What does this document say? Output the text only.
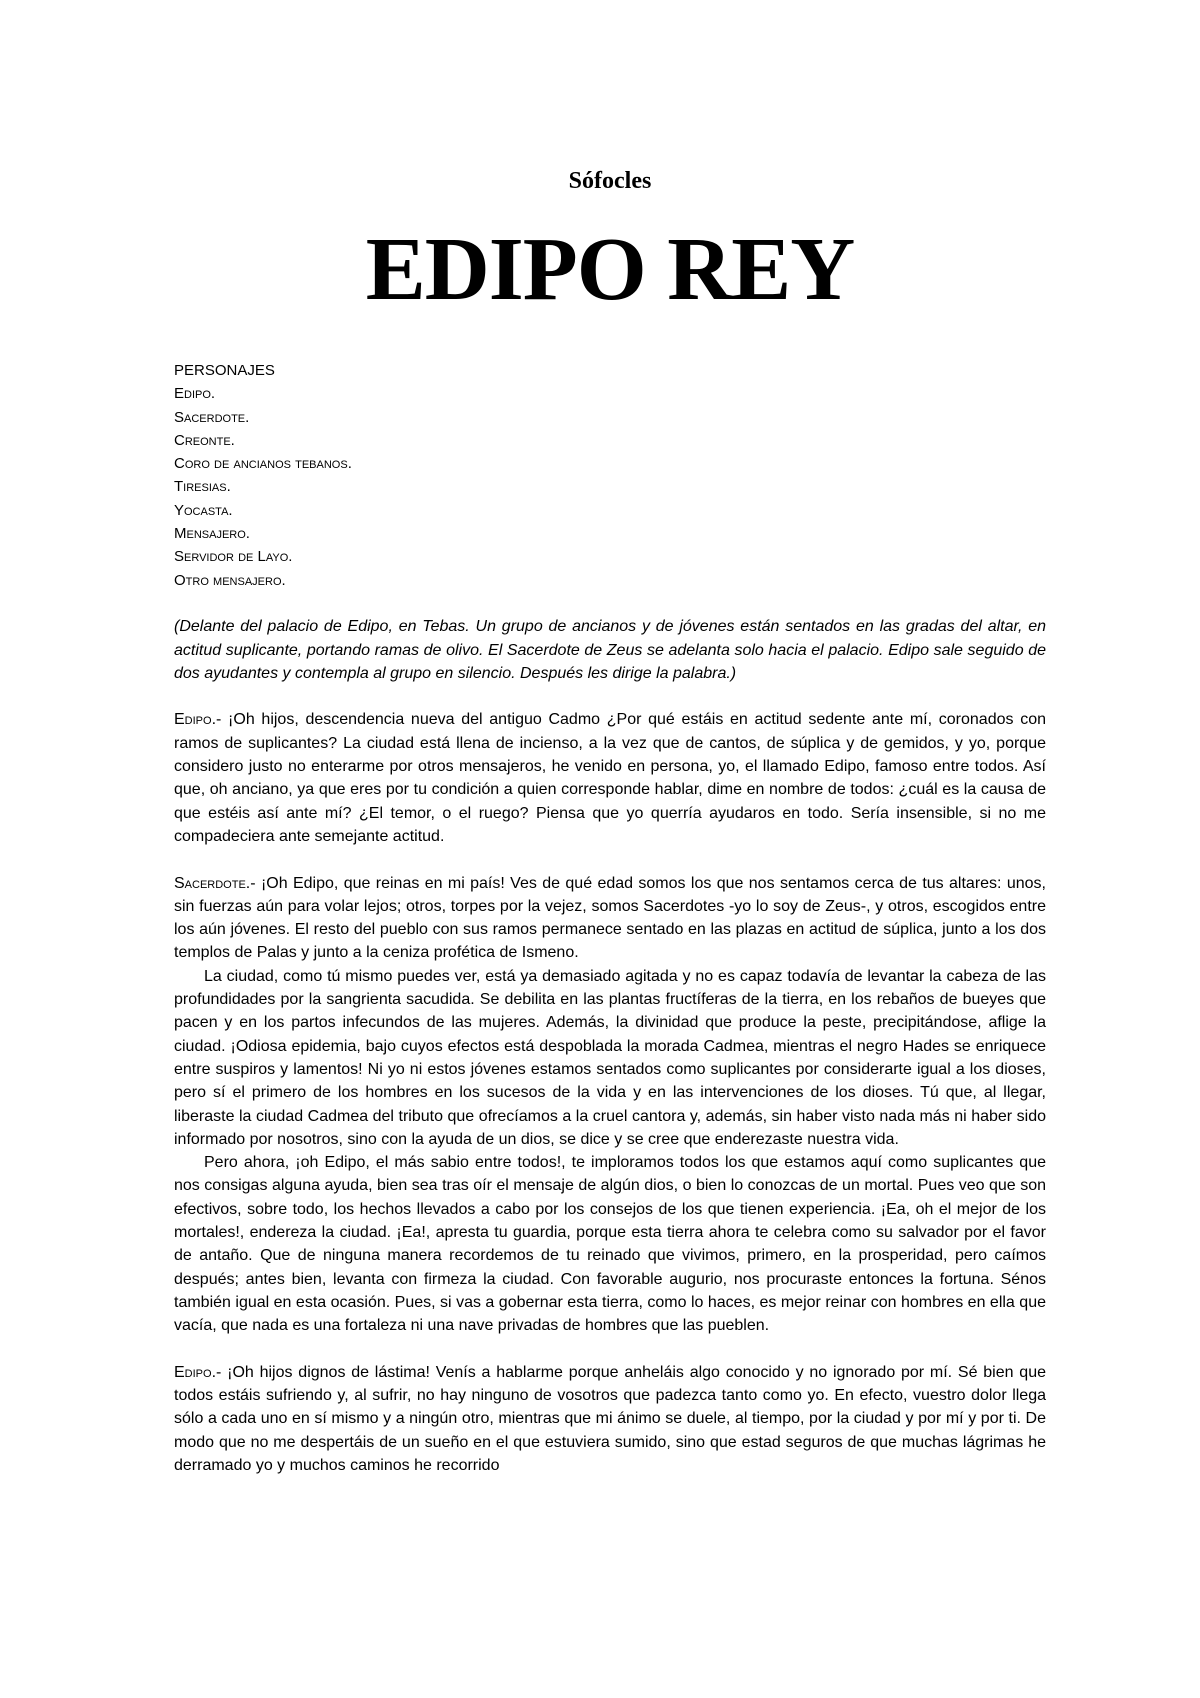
Sófocles
EDIPO REY
PERSONAJES
Edipo.
Sacerdote.
Creonte.
Coro de ancianos tebanos.
Tiresias.
Yocasta.
Mensajero.
Servidor de Layo.
Otro mensajero.

(Delante del palacio de Edipo, en Tebas. Un grupo de ancianos y de jóvenes están sentados en las gradas del altar, en actitud suplicante, portando ramas de olivo. El Sacerdote de Zeus se adelanta solo hacia el palacio. Edipo sale seguido de dos ayudantes y contempla al grupo en silencio. Después les dirige la palabra.)

Edipo.- ¡Oh hijos, descendencia nueva del antiguo Cadmo ¿Por qué estáis en actitud sedente ante mí, coronados con ramos de suplicantes? La ciudad está llena de incienso, a la vez que de cantos, de súplica y de gemidos, y yo, porque considero justo no enterarme por otros mensajeros, he venido en persona, yo, el llamado Edipo, famoso entre todos. Así que, oh anciano, ya que eres por tu condición a quien corresponde hablar, dime en nombre de todos: ¿cuál es la causa de que estéis así ante mí? ¿El temor, o el ruego? Piensa que yo querría ayudaros en todo. Sería insensible, si no me compadeciera ante semejante actitud.

Sacerdote.- ¡Oh Edipo, que reinas en mi país! Ves de qué edad somos los que nos sentamos cerca de tus altares: unos, sin fuerzas aún para volar lejos; otros, torpes por la vejez, somos Sacerdotes -yo lo soy de Zeus-, y otros, escogidos entre los aún jóvenes. El resto del pueblo con sus ramos permanece sentado en las plazas en actitud de súplica, junto a los dos templos de Palas y junto a la ceniza profética de Ismeno.

La ciudad, como tú mismo puedes ver, está ya demasiado agitada y no es capaz todavía de levantar la cabeza de las profundidades por la sangrienta sacudida. Se debilita en las plantas fructíferas de la tierra, en los rebaños de bueyes que pacen y en los partos infecundos de las mujeres. Además, la divinidad que produce la peste, precipitándose, aflige la ciudad. ¡Odiosa epidemia, bajo cuyos efectos está despoblada la morada Cadmea, mientras el negro Hades se enriquece entre suspiros y lamentos! Ni yo ni estos jóvenes estamos sentados como suplicantes por considerarte igual a los dioses, pero sí el primero de los hombres en los sucesos de la vida y en las intervenciones de los dioses. Tú que, al llegar, liberaste la ciudad Cadmea del tributo que ofrecíamos a la cruel cantora y, además, sin haber visto nada más ni haber sido informado por nosotros, sino con la ayuda de un dios, se dice y se cree que enderezaste nuestra vida.

Pero ahora, ¡oh Edipo, el más sabio entre todos!, te imploramos todos los que estamos aquí como suplicantes que nos consigas alguna ayuda, bien sea tras oír el mensaje de algún dios, o bien lo conozcas de un mortal. Pues veo que son efectivos, sobre todo, los hechos llevados a cabo por los consejos de los que tienen experiencia. ¡Ea, oh el mejor de los mortales!, endereza la ciudad. ¡Ea!, apresta tu guardia, porque esta tierra ahora te celebra como su salvador por el favor de antaño. Que de ninguna manera recordemos de tu reinado que vivimos, primero, en la prosperidad, pero caímos después; antes bien, levanta con firmeza la ciudad. Con favorable augurio, nos procuraste entonces la fortuna. Sénos también igual en esta ocasión. Pues, si vas a gobernar esta tierra, como lo haces, es mejor reinar con hombres en ella que vacía, que nada es una fortaleza ni una nave privadas de hombres que las pueblen.

Edipo.- ¡Oh hijos dignos de lástima! Venís a hablarme porque anheláis algo conocido y no ignorado por mí. Sé bien que todos estáis sufriendo y, al sufrir, no hay ninguno de vosotros que padezca tanto como yo. En efecto, vuestro dolor llega sólo a cada uno en sí mismo y a ningún otro, mientras que mi ánimo se duele, al tiempo, por la ciudad y por mí y por ti. De modo que no me despertáis de un sueño en el que estuviera sumido, sino que estad seguros de que muchas lágrimas he derramado yo y muchos caminos he recorrido
